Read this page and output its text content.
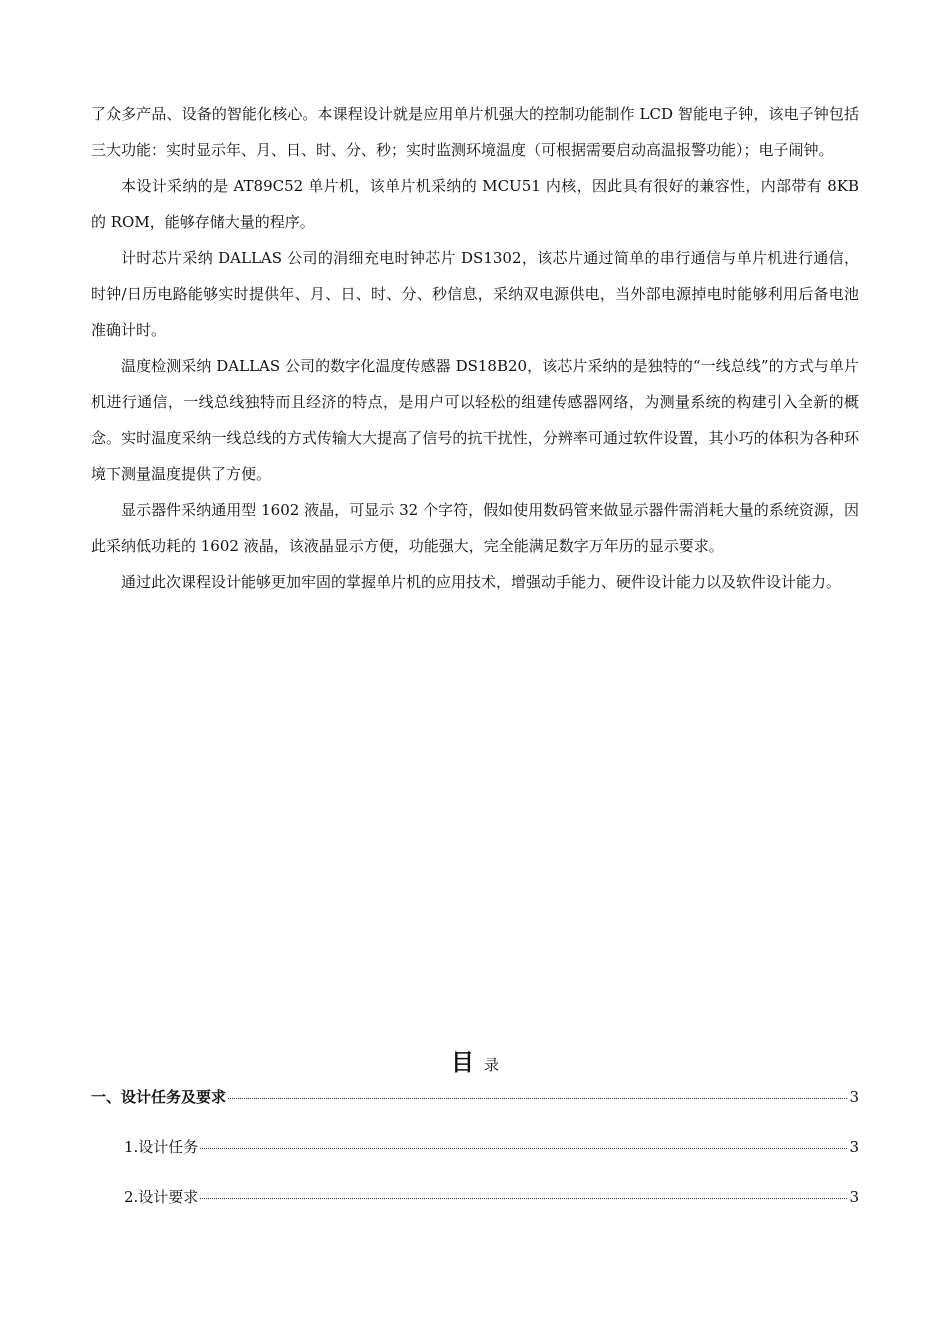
了众多产品、设备的智能化核心。本课程设计就是应用单片机强大的控制功能制作 LCD 智能电子钟，该电子钟包括三大功能：实时显示年、月、日、时、分、秒；实时监测环境温度（可根据需要启动高温报警功能）；电子闹钟。

本设计采纳的是 AT89C52 单片机，该单片机采纳的 MCU51 内核，因此具有很好的兼容性，内部带有 8KB 的 ROM，能够存储大量的程序。

计时芯片采纳 DALLAS 公司的涓细充电时钟芯片 DS1302，该芯片通过简单的串行通信与单片机进行通信，时钟/日历电路能够实时提供年、月、日、时、分、秒信息，采纳双电源供电，当外部电源掉电时能够利用后备电池准确计时。

温度检测采纳 DALLAS 公司的数字化温度传感器 DS18B20，该芯片采纳的是独特的“一线总线”的方式与单片机进行通信，一线总线独特而且经济的特点，是用户可以轻松的组建传感器网络，为测量系统的构建引入全新的概念。实时温度采纳一线总线的方式传输大大提高了信号的抗干扰性，分辨率可通过软件设置，其小巧的体积为各种环境下测量温度提供了方便。

显示器件采纳通用型 1602 液晶，可显示 32 个字符，假如使用数码管来做显示器件需消耗大量的系统资源，因此采纳低功耗的 1602 液晶，该液晶显示方便，功能强大，完全能满足数字万年历的显示要求。

通过此次课程设计能够更加牢固的掌握单片机的应用技术，增强动手能力、硬件设计能力以及软件设计能力。

目录
一、设计任务及要求	3
1.设计任务	3
2.设计要求	3
